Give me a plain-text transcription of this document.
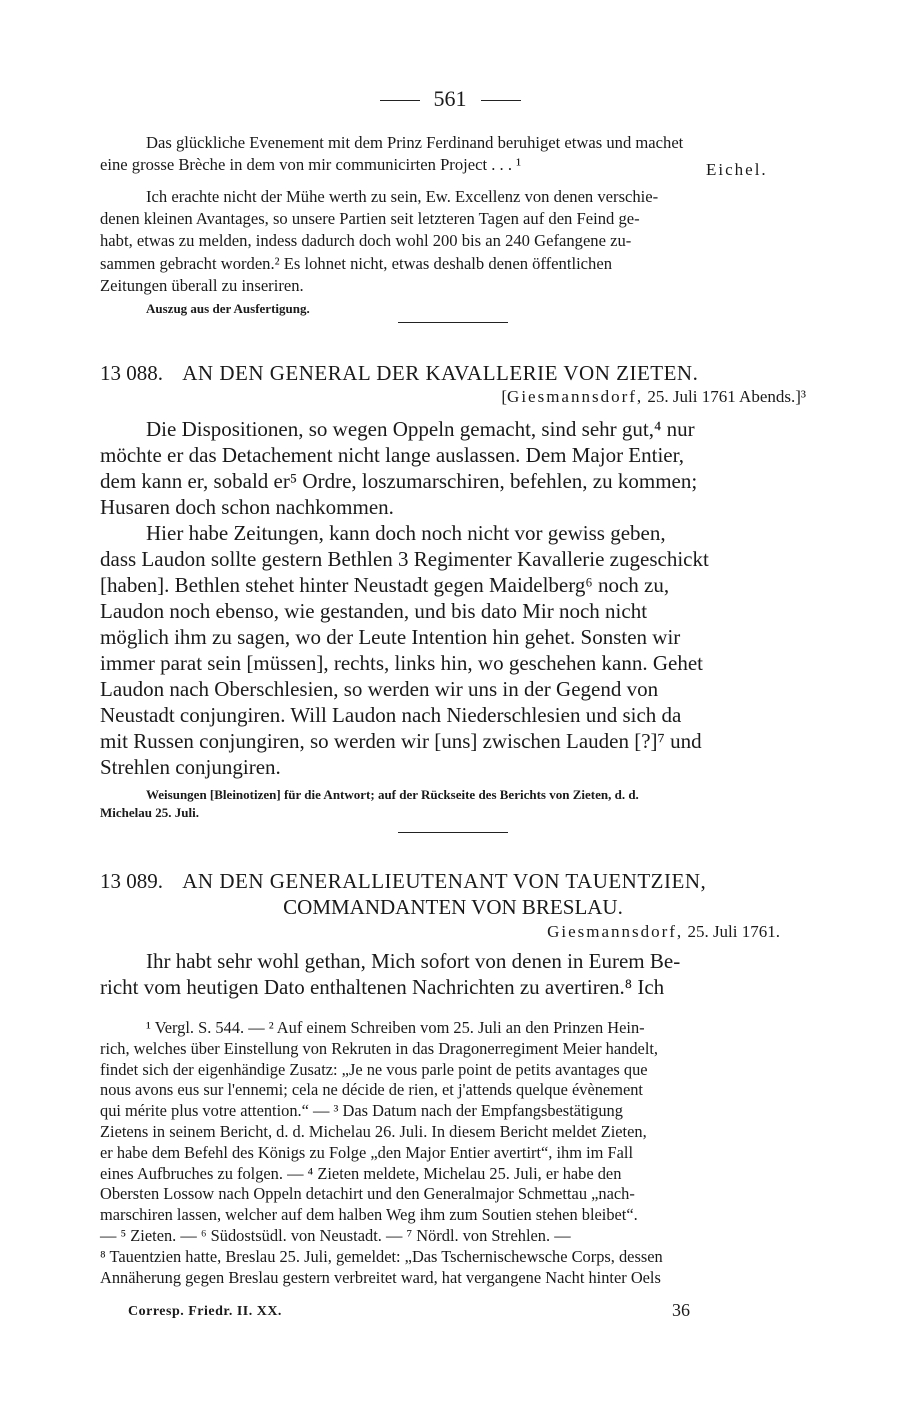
561
Das glückliche Evenement mit dem Prinz Ferdinand beruhiget etwas und machet
eine grosse Brèche in dem von mir communicirten Project . . . ¹	Eichel.
Ich erachte nicht der Mühe werth zu sein, Ew. Excellenz von denen verschie-
denen kleinen Avantages, so unsere Partien seit letzteren Tagen auf den Feind ge-
habt, etwas zu melden, indess dadurch doch wohl 200 bis an 240 Gefangene zu-
sammen gebracht worden.² Es lohnet nicht, etwas deshalb denen öffentlichen
Zeitungen überall zu inseriren.
Auszug aus der Ausfertigung.
13 088. AN DEN GENERAL DER KAVALLERIE VON ZIETEN.
[Giesmannsdorf, 25. Juli 1761 Abends.]³
Die Dispositionen, so wegen Oppeln gemacht, sind sehr gut,⁴ nur
möchte er das Detachement nicht lange auslassen. Dem Major Entier,
dem kann er, sobald er⁵ Ordre, loszumarschiren, befehlen, zu kommen;
Husaren doch schon nachkommen.
Hier habe Zeitungen, kann doch noch nicht vor gewiss geben,
dass Laudon sollte gestern Bethlen 3 Regimenter Kavallerie zugeschickt
[haben]. Bethlen stehet hinter Neustadt gegen Maidelberg⁶ noch zu,
Laudon noch ebenso, wie gestanden, und bis dato Mir noch nicht
möglich ihm zu sagen, wo der Leute Intention hin gehet. Sonsten wir
immer parat sein [müssen], rechts, links hin, wo geschehen kann. Gehet
Laudon nach Oberschlesien, so werden wir uns in der Gegend von
Neustadt conjungiren. Will Laudon nach Niederschlesien und sich da
mit Russen conjungiren, so werden wir [uns] zwischen Lauden [?]⁷ und
Strehlen conjungiren.
Weisungen [Bleinotizen] für die Antwort; auf der Rückseite des Berichts von Zieten, d. d.
Michelau 25. Juli.
13 089. AN DEN GENERALLIEUTENANT VON TAUENTZIEN,
COMMANDANTEN VON BRESLAU.
Giesmannsdorf, 25. Juli 1761.
Ihr habt sehr wohl gethan, Mich sofort von denen in Eurem Be-
richt vom heutigen Dato enthaltenen Nachrichten zu avertiren.⁸ Ich
¹ Vergl. S. 544. — ² Auf einem Schreiben vom 25. Juli an den Prinzen Hein-
rich, welches über Einstellung von Rekruten in das Dragonerregiment Meier handelt,
findet sich der eigenhändige Zusatz: „Je ne vous parle point de petits avantages que
nous avons eus sur l'ennemi; cela ne décide de rien, et j'attends quelque évènement
qui mérite plus votre attention.“ — ³ Das Datum nach der Empfangsbestätigung
Zietens in seinem Bericht, d. d. Michelau 26. Juli. In diesem Bericht meldet Zieten,
er habe dem Befehl des Königs zu Folge „den Major Entier avertirt“, ihm im Fall
eines Aufbruches zu folgen. — ⁴ Zieten meldete, Michelau 25. Juli, er habe den
Obersten Lossow nach Oppeln detachirt und den Generalmajor Schmettau „nach-
marschiren lassen, welcher auf dem halben Weg ihm zum Soutien stehen bleibet“.
— ⁵ Zieten. — ⁶ Südostsüdl. von Neustadt. — ⁷ Nördl. von Strehlen. —
⁸ Tauentzien hatte, Breslau 25. Juli, gemeldet: „Das Tschernischewsche Corps, dessen
Annäherung gegen Breslau gestern verbreitet ward, hat vergangene Nacht hinter Oels
Corresp. Friedr. II. XX.	36
